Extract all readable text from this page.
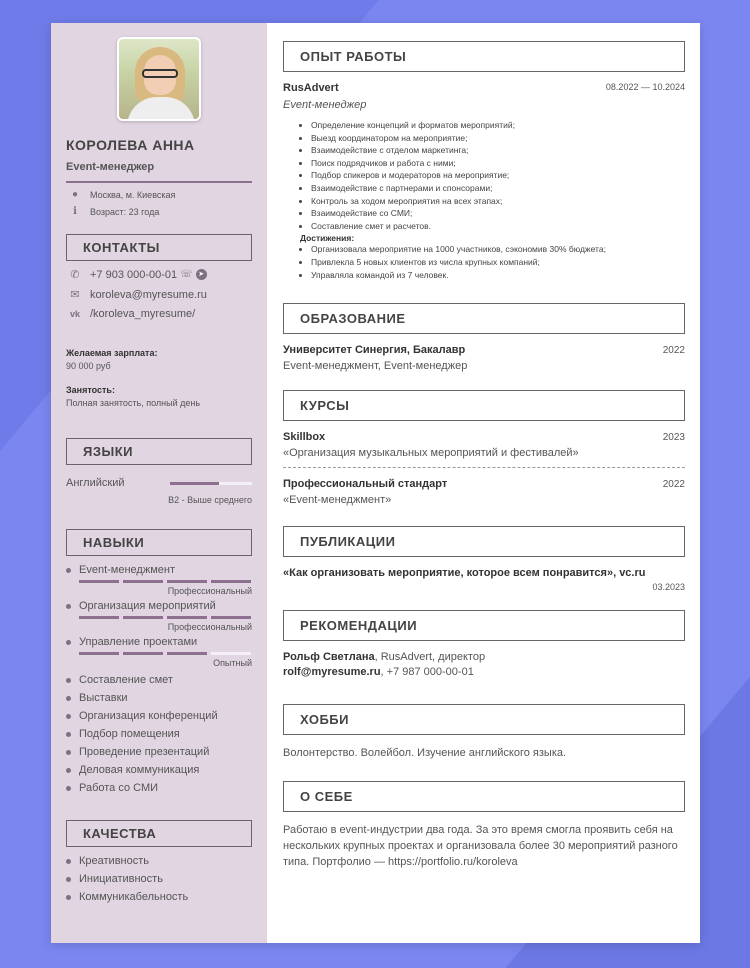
КОРОЛЕВА АННА
Event-менеджер
●	Москва, м. Киевская
i	Возраст: 23 года
КОНТАКТЫ
✆ +7 903 000-00-01 ☏ ➤
✉ koroleva@myresume.ru
vk /koroleva_myresume/
Желаемая зарплата:
90 000 руб
Занятость:
Полная занятость, полный день
ЯЗЫКИ
Английский
B2 - Выше среднего
НАВЫКИ
Event-менеджмент
Профессиональный
Организация мероприятий
Профессиональный
Управление проектами
Опытный
Составление смет
Выставки
Организация конференций
Подбор помещения
Проведение презентаций
Деловая коммуникация
Работа со СМИ
КАЧЕСТВА
Креативность
Инициативность
Коммуникабельность
ОПЫТ РАБОТЫ
RusAdvert	08.2022 — 10.2024
Event-менеджер
• Определение концепций и форматов мероприятий;
• Выезд координатором на мероприятие;
• Взаимодействие с отделом маркетинга;
• Поиск подрядчиков и работа с ними;
• Подбор спикеров и модераторов на мероприятие;
• Взаимодействие с партнерами и спонсорами;
• Контроль за ходом мероприятия на всех этапах;
• Взаимодействие со СМИ;
• Составление смет и расчетов.
Достижения:
• Организовала мероприятие на 1000 участников, сэкономив 30% бюджета;
• Привлекла 5 новых клиентов из числа крупных компаний;
• Управляла командой из 7 человек.
ОБРАЗОВАНИЕ
Университет Синергия, Бакалавр	2022
Event-менеджмент, Event-менеджер
КУРСЫ
Skillbox	2023
«Организация музыкальных мероприятий и фестивалей»
Профессиональный стандарт	2022
«Event-менеджмент»
ПУБЛИКАЦИИ
«Как организовать мероприятие, которое всем понравится», vc.ru
03.2023
РЕКОМЕНДАЦИИ
Рольф Светлана, RusAdvert, директор
rolf@myresume.ru, +7 987 000-00-01
ХОББИ
Волонтерство. Волейбол. Изучение английского языка.
О СЕБЕ
Работаю в event-индустрии два года. За это время смогла проявить себя на нескольких крупных проектах и организовала более 30 мероприятий разного типа. Портфолио — https://portfolio.ru/koroleva
